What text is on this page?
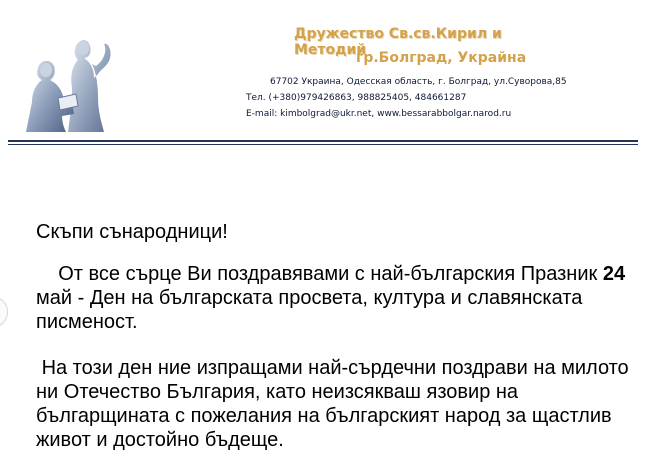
Дружество Св.св.Кирил и Методий
гр.Болград, Украйна
67702 Украина, Одесская область, г. Болград, ул.Суворова,85
Тел. (+380)979426863, 988825405, 484661287
E-mail: kimbolgrad@ukr.net, www.bessarabbolgar.narod.ru
Скъпи сънародници!
От все сърце Ви поздравявами с най-българския Празник 24 май - Ден на българската просвета, културa и славянската писменост.
На този ден ние изпращами най-сърдечни поздрави на милото ни Отечество България, като неизсякваш язовир на българщината с пожелания на българският народ за щастлив живот и достойно бъдеще.
